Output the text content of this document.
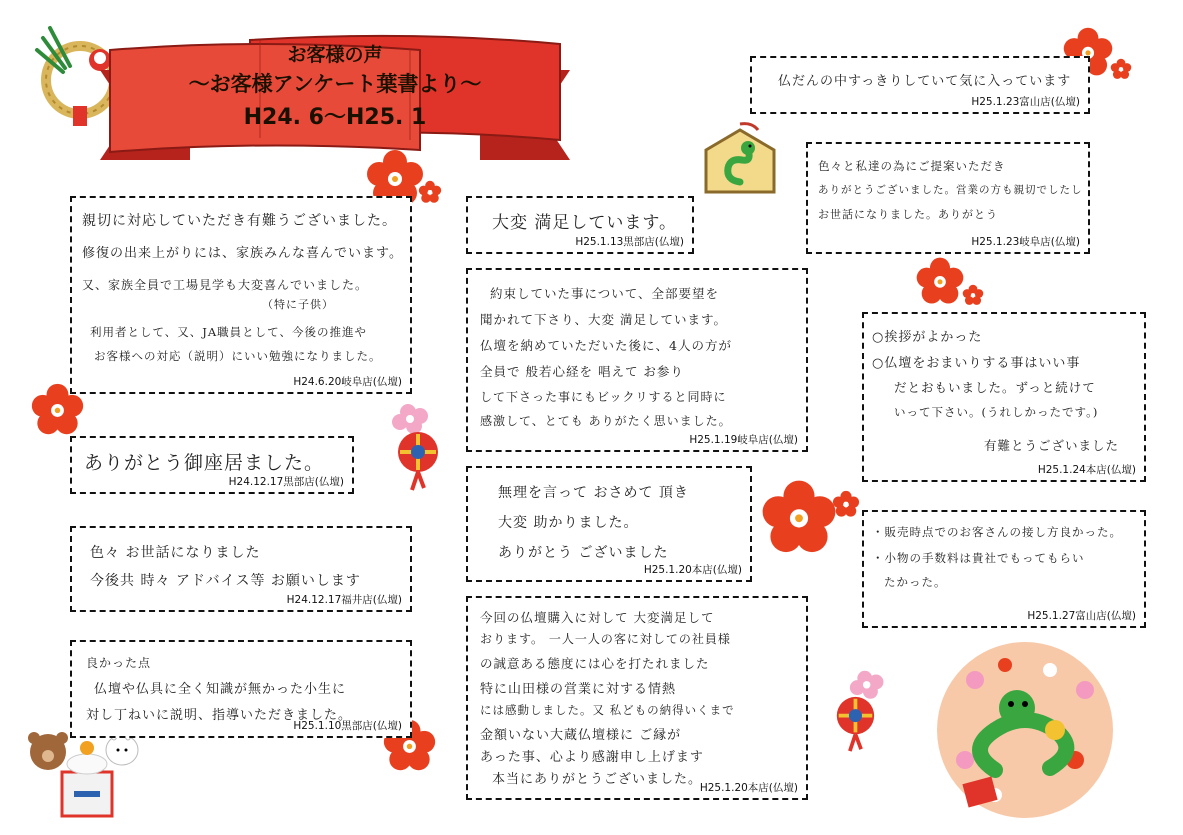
お客様の声
～お客様アンケート葉書より～
H24. 6～H25. 1
親切に対応していただき有難うございました。
修復の出来上がりには、家族みんな喜んでいます。
又、家族全員で工場見学も大変喜んでいました。
（特に子供）
利用者として、又、JA職員として、今後の推進や
お客様への対応（説明）にいい勉強になりました。
H24.6.20岐阜店(仏壇)
ありがとう御座居ました。
H24.12.17黒部店(仏壇)
色々 お世話になりました
今後共 時々 アドバイス等 お願いします
H24.12.17福井店(仏壇)
良かった点
仏壇や仏具に全く知識が無かった小生に
対し丁ねいに説明、指導いただきました。
H25.1.10黒部店(仏壇)
大変 満足しています。
H25.1.13黒部店(仏壇)
約束していた事について、全部要望を
聞かれて下さり、大変 満足しています。
仏壇を納めていただいた後に、4人の方が
全員で 般若心経を 唱えて お参り
して下さった事にもビックリすると同時に
感激して、とても ありがたく思いました。
H25.1.19岐阜店(仏壇)
無理を言って おさめて 頂き
大変 助かりました。
ありがとう ございました
H25.1.20本店(仏壇)
今回の仏壇購入に対して 大変満足して
おります。 一人一人の客に対しての社員様
の誠意ある態度には心を打たれました
特に山田様の営業に対する情熱
には感動しました。又 私どもの納得いくまで
金額いない大蔵仏壇様に ご縁が
あった事、心より感謝申し上げます
本当にありがとうございました。
H25.1.20本店(仏壇)
仏だんの中すっきりしていて気に入っています
H25.1.23富山店(仏壇)
色々と私達の為にご提案いただき
ありがとうございました。営業の方も親切でしたし
お世話になりました。ありがとう
H25.1.23岐阜店(仏壇)
○挨拶がよかった
○仏壇をおまいりする事はいい事
だとおもいました。ずっと続けて
いって下さい。(うれしかったです。)
有難とうございました
H25.1.24本店(仏壇)
・販売時点でのお客さんの接し方良かった。
・小物の手数料は貴社でもってもらい
たかった。
H25.1.27富山店(仏壇)
